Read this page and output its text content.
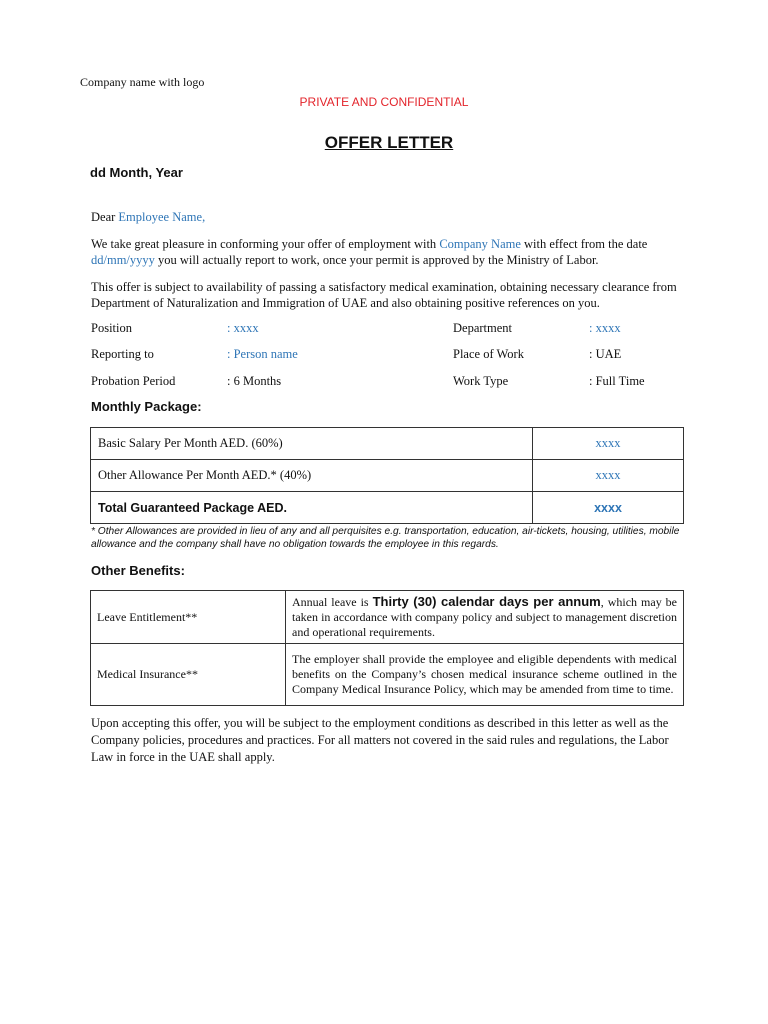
Company name with logo
PRIVATE AND CONFIDENTIAL
OFFER LETTER
dd Month, Year
Dear Employee Name,
We take great pleasure in conforming your offer of employment with Company Name with effect from the date
dd/mm/yyyy you will actually report to work, once your permit is approved by the Ministry of Labor.
This offer is subject to availability of passing a satisfactory medical examination, obtaining necessary clearance from Department of Naturalization and Immigration of UAE and also obtaining positive references on you.
Position	: xxxx	Department	: xxxx
Reporting to	: Person name	Place of Work	: UAE
Probation Period	: 6 Months	Work Type	: Full Time
Monthly Package:
Basic Salary Per Month AED. (60%)	xxxx
Other Allowance Per Month AED.* (40%)	xxxx
Total Guaranteed Package AED.	xxxx
* Other Allowances are provided in lieu of any and all perquisites e.g. transportation, education, air-tickets, housing, utilities, mobile allowance and the company shall have no obligation towards the employee in this regards.
Other Benefits:
Leave Entitlement**	Annual leave is Thirty (30) calendar days per annum, which may be taken in accordance with company policy and subject to management discretion and operational requirements.
Medical Insurance**	The employer shall provide the employee and eligible dependents with medical benefits on the Company’s chosen medical insurance scheme outlined in the Company Medical Insurance Policy, which may be amended from time to time.
Upon accepting this offer, you will be subject to the employment conditions as described in this letter as well as the Company policies, procedures and practices. For all matters not covered in the said rules and regulations, the Labor Law in force in the UAE shall apply.
